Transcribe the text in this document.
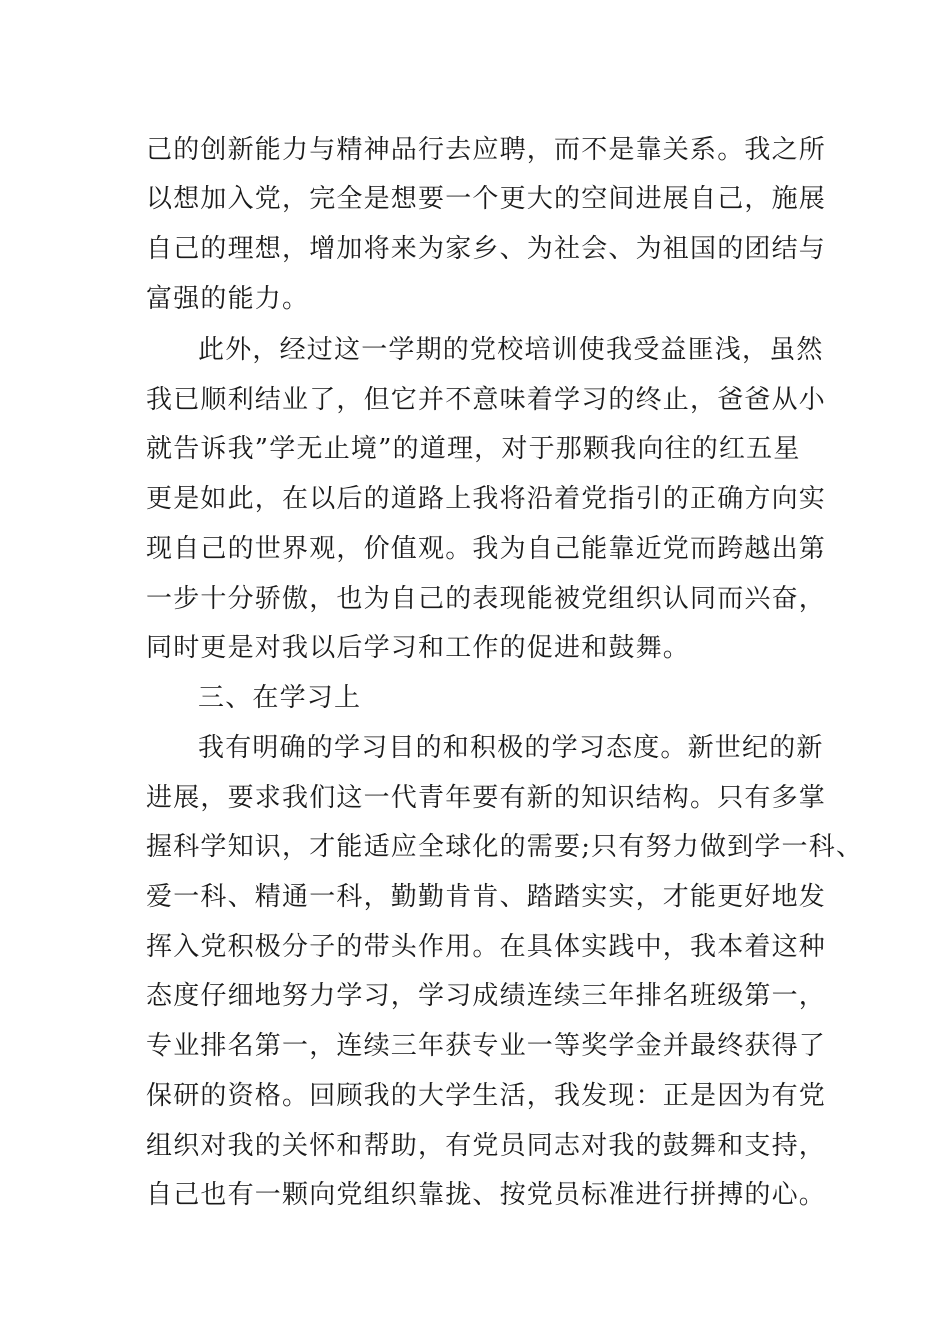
己的创新能力与精神品行去应聘，而不是靠关系。我之所
以想加入党，完全是想要一个更大的空间进展自己，施展
自己的理想，增加将来为家乡、为社会、为祖国的团结与
富强的能力。
此外，经过这一学期的党校培训使我受益匪浅，虽然
我已顺利结业了，但它并不意味着学习的终止，爸爸从小
就告诉我”学无止境”的道理，对于那颗我向往的红五星
更是如此，在以后的道路上我将沿着党指引的正确方向实
现自己的世界观，价值观。我为自己能靠近党而跨越出第
一步十分骄傲，也为自己的表现能被党组织认同而兴奋，
同时更是对我以后学习和工作的促进和鼓舞。
三、在学习上
我有明确的学习目的和积极的学习态度。新世纪的新
进展，要求我们这一代青年要有新的知识结构。只有多掌
握科学知识，才能适应全球化的需要;只有努力做到学一科、
爱一科、精通一科，勤勤肯肯、踏踏实实，才能更好地发
挥入党积极分子的带头作用。在具体实践中，我本着这种
态度仔细地努力学习，学习成绩连续三年排名班级第一，
专业排名第一，连续三年获专业一等奖学金并最终获得了
保研的资格。回顾我的大学生活，我发现：正是因为有党
组织对我的关怀和帮助，有党员同志对我的鼓舞和支持，
自己也有一颗向党组织靠拢、按党员标准进行拼搏的心。
